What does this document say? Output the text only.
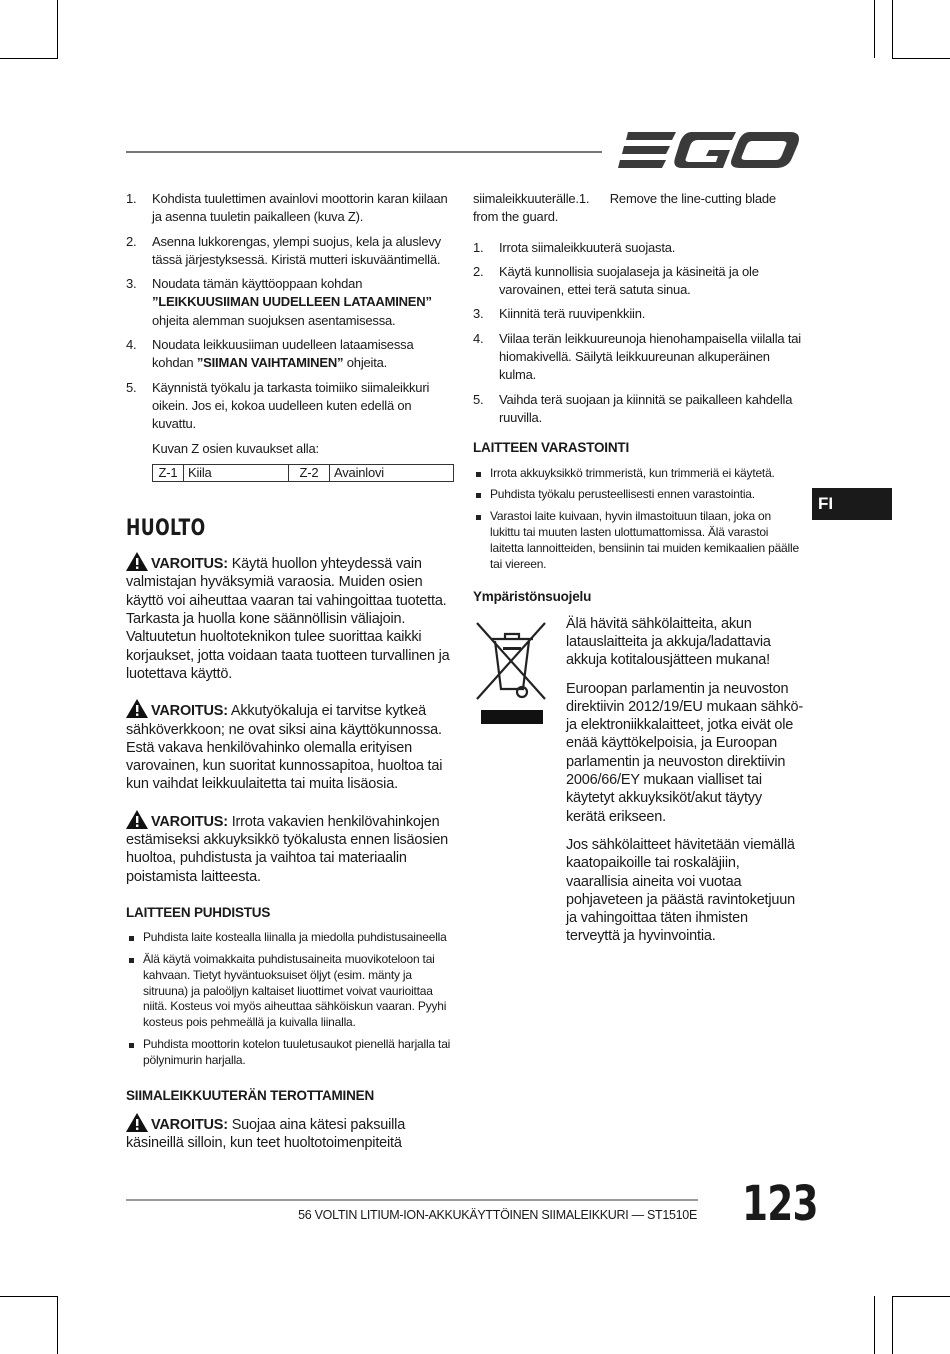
1. Kohdista tuulettimen avainlovi moottorin karan kiilaan ja asenna tuuletin paikalleen (kuva Z).
2. Asenna lukkorengas, ylempi suojus, kela ja aluslevy tässä järjestyksessä. Kiristä mutteri iskuvääntimellä.
3. Noudata tämän käyttöoppaan kohdan ”LEIKKUUSIIMAN UUDELLEEN LATAAMINEN” ohjeita alemman suojuksen asentamisessa.
4. Noudata leikkuusiiman uudelleen lataamisessa kohdan ”SIIMAN VAIHTAMINEN” ohjeita.
5. Käynnistä työkalu ja tarkasta toimiiko siimaleikkuri oikein. Jos ei, kokoa uudelleen kuten edellä on kuvattu.

Kuvan Z osien kuvaukset alla:

Z-1	Kiila	Z-2	Avainlovi
HUOLTO

VAROITUS: Käytä huollon yhteydessä vain valmistajan hyväksymiä varaosia. Muiden osien käyttö voi aiheuttaa vaaran tai vahingoittaa tuotetta. Tarkasta ja huolla kone säännöllisin väliajoin. Valtuutetun huoltoteknikon tulee suorittaa kaikki korjaukset, jotta voidaan taata tuotteen turvallinen ja luotettava käyttö.

VAROITUS: Akkutyökaluja ei tarvitse kytkeä sähköverkkoon; ne ovat siksi aina käyttökunnossa. Estä vakava henkilövahinko olemalla erityisen varovainen, kun suoritat kunnossapitoa, huoltoa tai kun vaihdat leikkuulaitetta tai muita lisäosia.

VAROITUS: Irrota vakavien henkilövahinkojen estämiseksi akkuyksikkö työkalusta ennen lisäosien huoltoa, puhdistusta ja vaihtoa tai materiaalin poistamista laitteesta.

LAITTEEN PUHDISTUS
Puhdista laite kostealla liinalla ja miedolla puhdistusaineella
Älä käytä voimakkaita puhdistusaineita muovikoteloon tai kahvaan. Tietyt hyväntuoksuiset öljyt (esim. mänty ja sitruuna) ja paloöljyn kaltaiset liuottimet voivat vaurioittaa niitä. Kosteus voi myös aiheuttaa sähköiskun vaaran. Pyyhi kosteus pois pehmeällä ja kuivalla liinalla.
Puhdista moottorin kotelon tuuletusaukot pienellä harjalla tai pölynimurin harjalla.
SIIMALEIKKUUTERÄN TEROTTAMINEN

VAROITUS: Suojaa aina kätesi paksuilla käsineillä silloin, kun teet huoltotoimenpiteitä

siimaleikkuuterälle.1.      Remove the line-cutting blade from the guard.

1. Irrota siimaleikkuuterä suojasta.
2. Käytä kunnollisia suojalaseja ja käsineitä ja ole varovainen, ettei terä satuta sinua.
3. Kiinnitä terä ruuvipenkkiin.
4. Viilaa terän leikkuureunoja hienohampaisella viilalla tai hiomakivellä. Säilytä leikkuureunan alkuperäinen kulma.
5. Vaihda terä suojaan ja kiinnitä se paikalleen kahdella ruuvilla.
LAITTEEN VARASTOINTI
Irrota akkuyksikkö trimmeristä, kun trimmeriä ei käytetä.
Puhdista työkalu perusteellisesti ennen varastointia.
Varastoi laite kuivaan, hyvin ilmastoituun tilaan, joka on lukittu tai muuten lasten ulottumattomissa. Älä varastoi laitetta lannoitteiden, bensiinin tai muiden kemikaalien päälle tai viereen.
Ympäristönsuojelu

Älä hävitä sähkölaitteita, akun latauslaitteita ja akkuja/ladattavia akkuja kotitalousjätteen mukana!

Euroopan parlamentin ja neuvoston direktiivin 2012/19/EU mukaan sähkö- ja elektroniikkalaitteet, jotka eivät ole enää käyttökelpoisia, ja Euroopan parlamentin ja neuvoston direktiivin 2006/66/EY mukaan vialliset tai käytetyt akkuyksiköt/akut täytyy kerätä erikseen.

Jos sähkölaitteet hävitetään viemällä kaatopaikoille tai roskaläjiin, vaarallisia aineita voi vuotaa pohjaveteen ja päästä ravintoketjuun ja vahingoittaa täten ihmisten terveyttä ja hyvinvointia.

FI
56 VOLTIN LITIUM-ION-AKKUKÄYTTÖINEN SIIMALEIKKURI — ST1510E 123
